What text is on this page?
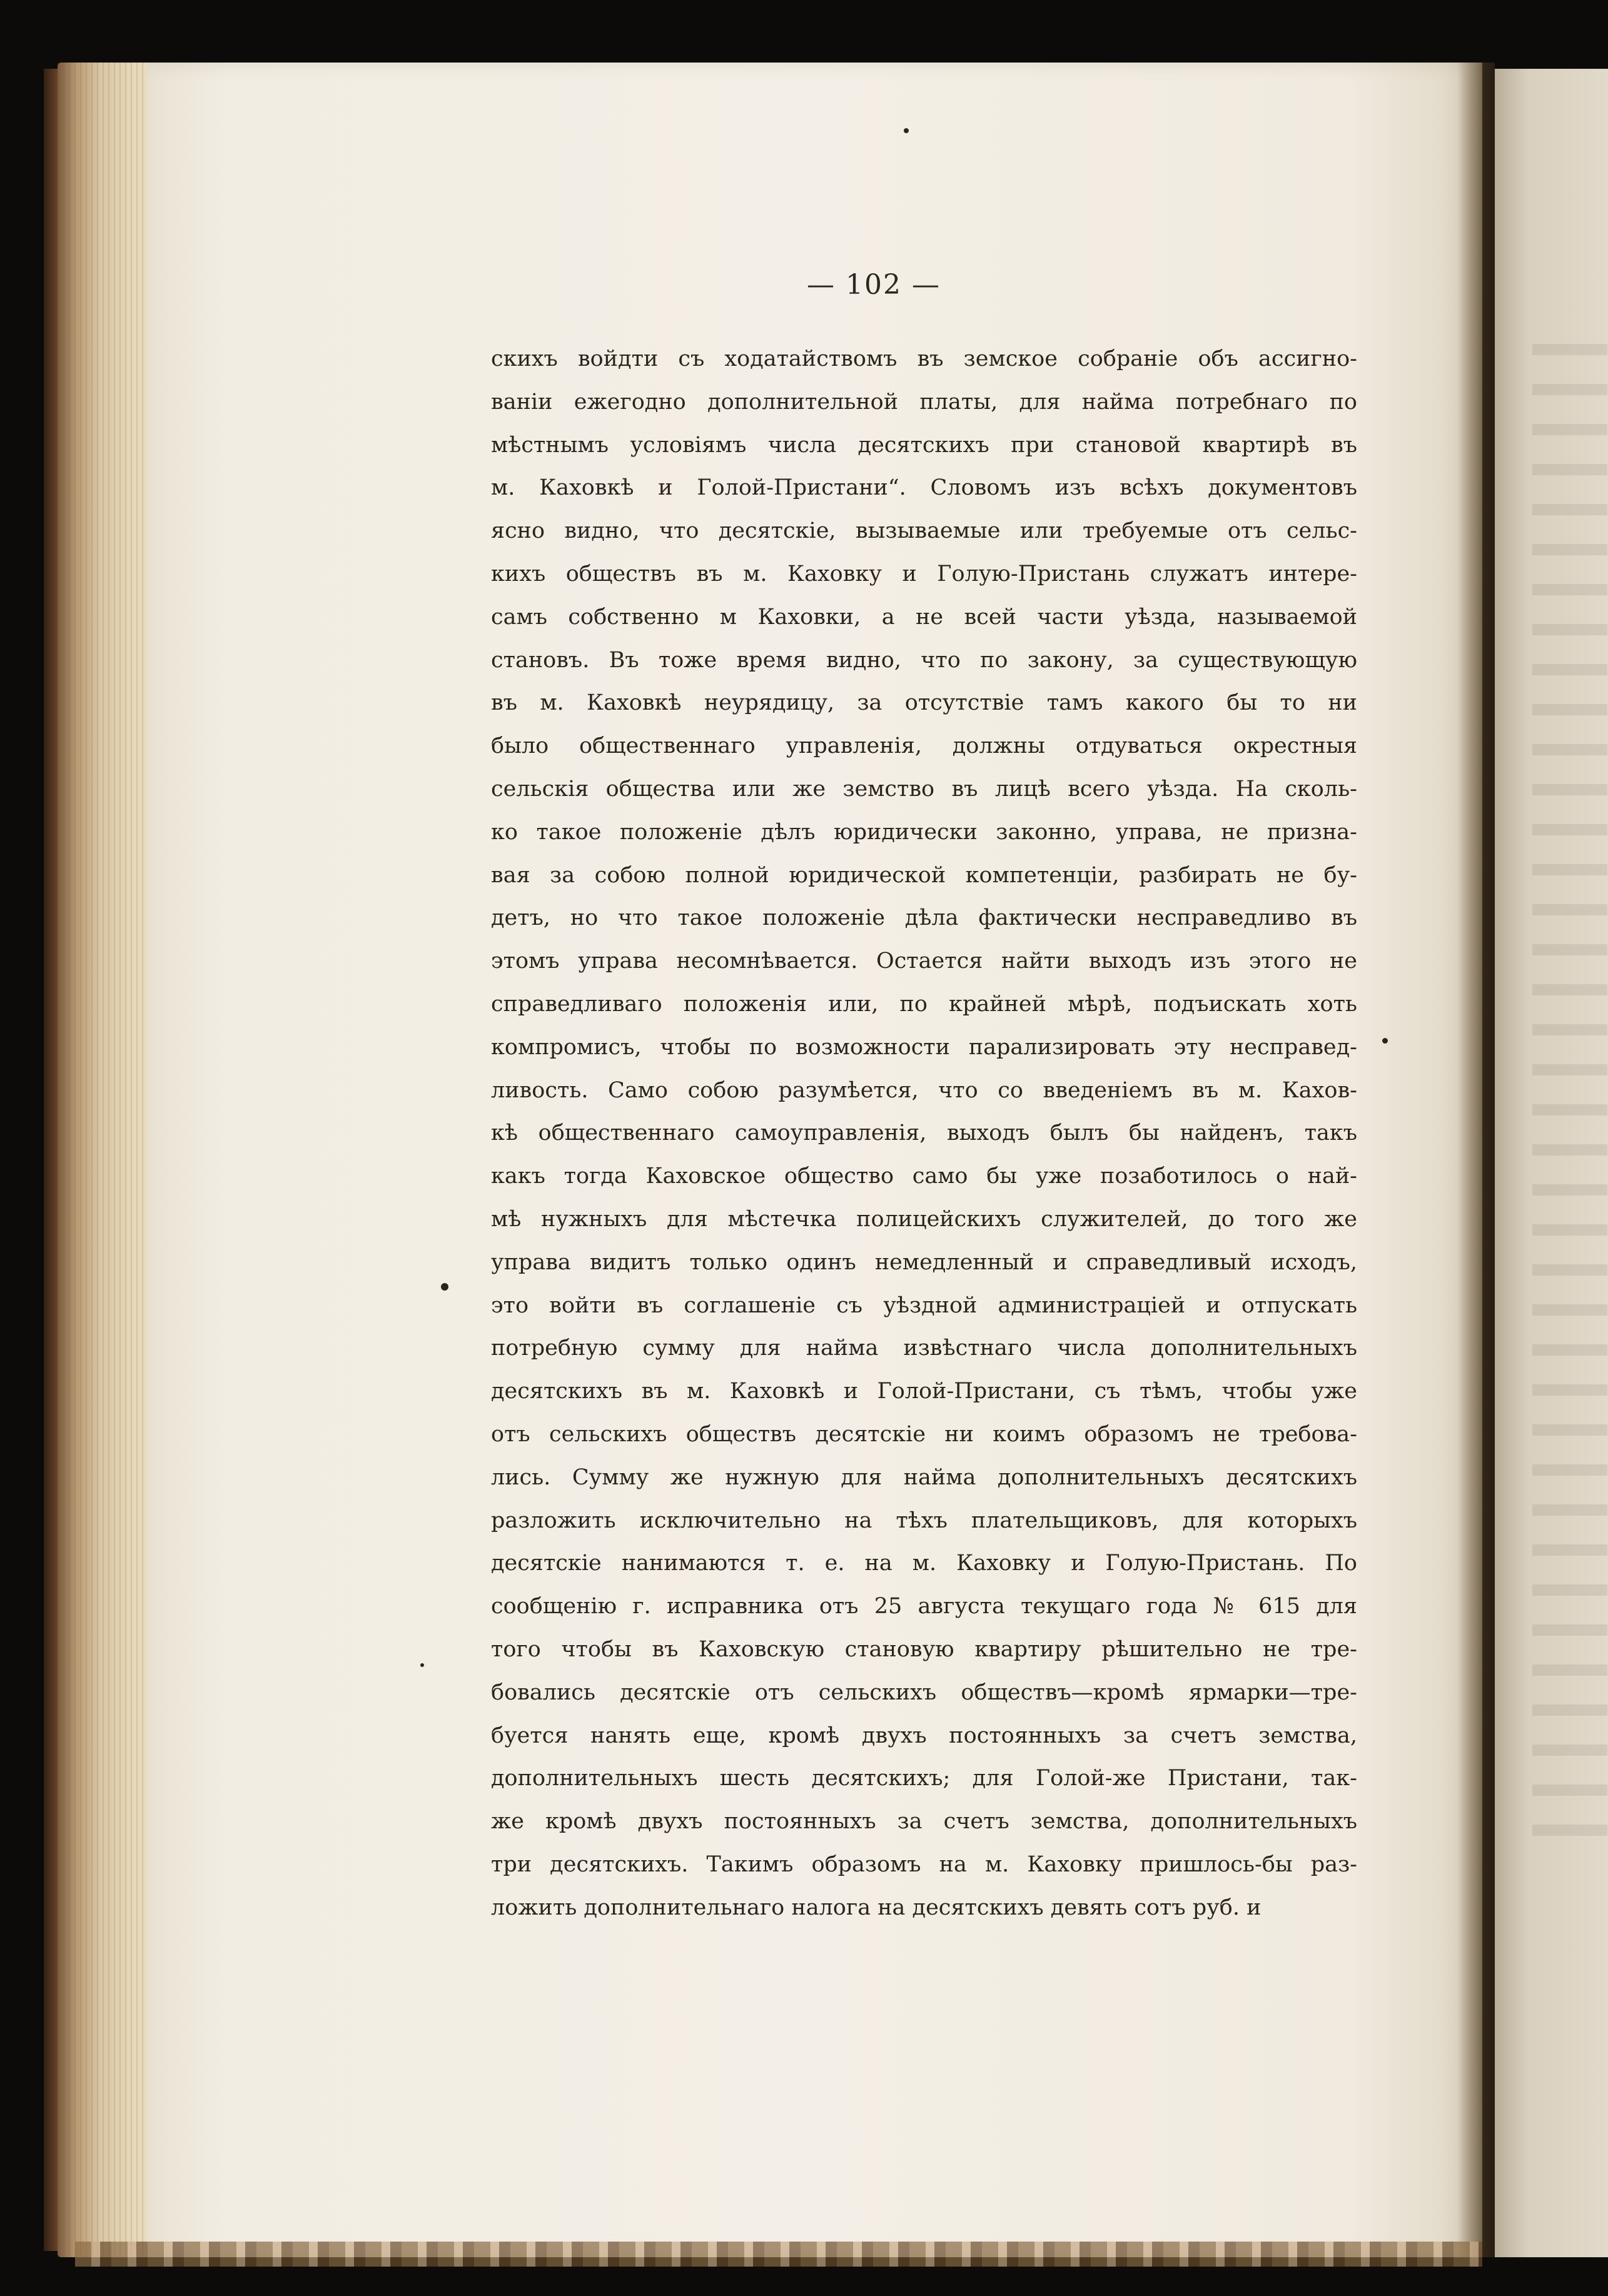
— 102 —
скихъ войдти съ ходатайствомъ въ земское собраніе объ ассигно-
ваніи ежегодно дополнительной платы, для найма потребнаго по
мѣстнымъ условіямъ числа десятскихъ при становой квартирѣ въ
м. Каховкѣ и Голой-Пристани“. Словомъ изъ всѣхъ документовъ
ясно видно, что десятскіе, вызываемые или требуемые отъ сельс-
кихъ обществъ въ м. Каховку и Голую-Пристань служатъ интере-
самъ собственно м Каховки, а не всей части уѣзда, называемой
становъ. Въ тоже время видно, что по закону, за существующую
въ м. Каховкѣ неурядицу, за отсутствіе тамъ какого бы то ни
было общественнаго управленія, должны отдуваться окрестныя
сельскія общества или же земство въ лицѣ всего уѣзда. На сколь-
ко такое положеніе дѣлъ юридически законно, управа, не призна-
вая за собою полной юридической компетенціи, разбирать не бу-
детъ, но что такое положеніе дѣла фактически несправедливо въ
этомъ управа несомнѣвается. Остается найти выходъ изъ этого не
справедливаго положенія или, по крайней мѣрѣ, подъискать хоть
компромисъ, чтобы по возможности парализировать эту несправед-
ливость. Само собою разумѣется, что со введеніемъ въ м. Кахов-
кѣ общественнаго самоуправленія, выходъ былъ бы найденъ, такъ
какъ тогда Каховское общество само бы уже позаботилось о най-
мѣ нужныхъ для мѣстечка полицейскихъ служителей, до того же
управа видитъ только одинъ немедленный и справедливый исходъ,
это войти въ соглашеніе съ уѣздной администраціей и отпускать
потребную сумму для найма извѣстнаго числа дополнительныхъ
десятскихъ въ м. Каховкѣ и Голой-Пристани, съ тѣмъ, чтобы уже
отъ сельскихъ обществъ десятскіе ни коимъ образомъ не требова-
лись. Сумму же нужную для найма дополнительныхъ десятскихъ
разложить исключительно на тѣхъ плательщиковъ, для которыхъ
десятскіе нанимаются т. е. на м. Каховку и Голую-Пристань. По
сообщенію г. исправника отъ 25 августа текущаго года № 615 для
того чтобы въ Каховскую становую квартиру рѣшительно не тре-
бовались десятскіе отъ сельскихъ обществъ—кромѣ ярмарки—тре-
буется нанять еще, кромѣ двухъ постоянныхъ за счетъ земства,
дополнительныхъ шесть десятскихъ; для Голой-же Пристани, так-
же кромѣ двухъ постоянныхъ за счетъ земства, дополнительныхъ
три десятскихъ. Такимъ образомъ на м. Каховку пришлось-бы раз-
ложить дополнительнаго налога на десятскихъ девять сотъ руб. и
